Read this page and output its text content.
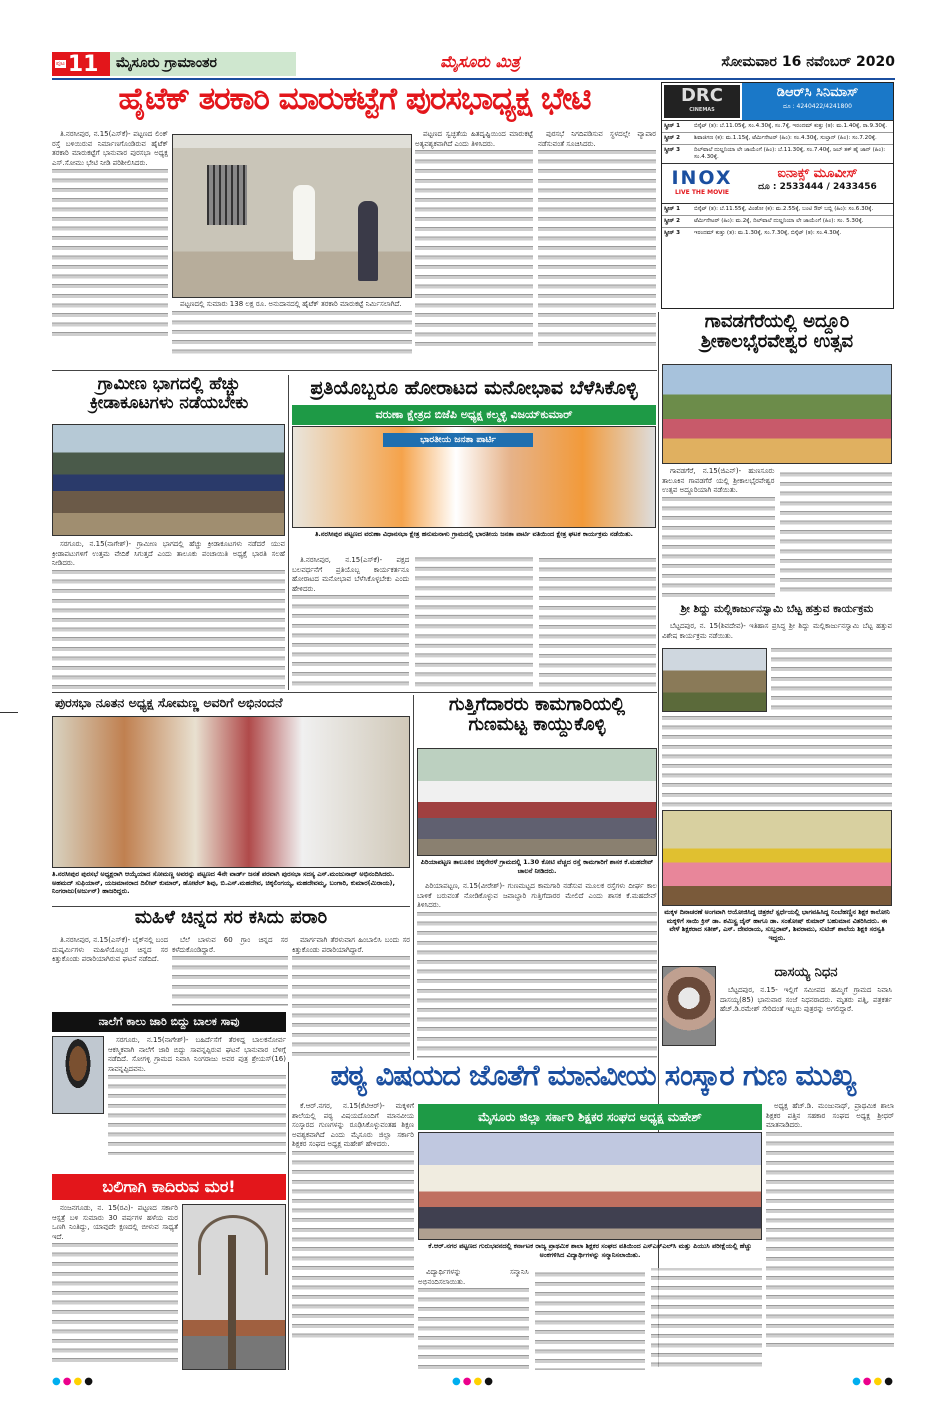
ಪುಟ 11	ಮೈಸೂರು ಗ್ರಾಮಾಂತರ	ಮೈಸೂರು ಮಿತ್ರ	ಸೋಮವಾರ 16 ನವೆಂಬರ್ 2020
ಹೈಟೆಕ್ ತರಕಾರಿ ಮಾರುಕಟ್ಟೆಗೆ ಪುರಸಭಾಧ್ಯಕ್ಷ ಭೇಟಿ

ತಿ.ನರಸೀಪುರ, ನ.15(ಎಸ್‌ಕೆ)- ಪಟ್ಟಣದ ಲಿಂಕ್ ರಸ್ತೆ ಬಳಿಯಿರುವ ನಿರ್ಮಾಣಗೊಂಡಿರುವ ಹೈಟೆಕ್ ತರಕಾರಿ ಮಾರುಕಟ್ಟೆಗೆ ಭಾನುವಾರ ಪುರಸಭಾ ಅಧ್ಯಕ್ಷ ಎಸ್.ಸೋಮು ಭೇಟಿ ನೀಡಿ ಪರಿಶೀಲಿಸಿದರು.

ಪಟ್ಟಣದಲ್ಲಿ ಸುಮಾರು 138 ಲಕ್ಷ ರೂ. ಅನುದಾನದಲ್ಲಿ ಹೈಟೆಕ್ ತರಕಾರಿ ಮಾರುಕಟ್ಟೆ ನಿರ್ಮಿಸಲಾಗಿದೆ.

ಪಟ್ಟಣದ ಸ್ವಚ್ಛತೆಯ ಹಿತದೃಷ್ಟಿಯಿಂದ ಮಾರುಕಟ್ಟೆ ಅತ್ಯವಶ್ಯಕವಾಗಿದೆ ಎಂದು ತಿಳಿಸಿದರು.

ಪುರಸಭೆ ನಿಗದಿಪಡಿಸುವ ಸ್ಥಳದಲ್ಲೇ ವ್ಯಾಪಾರ ನಡೆಸುವಂತೆ ಸೂಚಿಸಿದರು.

DRC
CINEMAS
ಡಿಆರ್‌ಸಿ ಸಿನಿಮಾಸ್
ದೂ : 4240422/4241800
ಸ್ಕ್ರೀನ್ 1	ಬಿಸ್ಕೆಟ್ (ತ): ಬೆ.11.05ಕ್ಕೆ, ಸಂ.4.30ಕ್ಕೆ, ಸಂ.7ಕ್ಕೆ, ಇರಂದಮ್ ಕುತ್ತು (ತ): ಮ.1.40ಕ್ಕೆ, ರಾ.9.30ಕ್ಕೆ.
ಸ್ಕ್ರೀನ್ 2	ಶಿವಾಜಿಗಣ (ಕ): ಮ.1.15ಕ್ಕೆ, ಟೆರ್ಮಿನೇಟರ್ (ಹಿಂ): ಸಂ.4.30ಕ್ಕೆ, ಸುಲ್ತಾನ್ (ಹಿಂ): ಸಂ.7.20ಕ್ಕೆ.
ಸ್ಕ್ರೀನ್ 3	ದಿಲ್‌ವಾಲೆ ದುಲ್ಹನಿಯಾ ಲೇ ಜಾಯೆಂಗೆ (ಹಿಂ): ಬೆ.11.30ಕ್ಕೆ, ಸಂ.7.40ಕ್ಕೆ, ಜಬ್ ತಕ್ ಹೈ ಜಾನ್ (ಹಿಂ): ಸಂ.4.30ಕ್ಕೆ.
INOX
LIVE THE MOVIE
ಐನಾಕ್ಸ್ ಮೂವೀಸ್
ದೂ : 2533444 / 2433456
ಸ್ಕ್ರೀನ್ 1	ಬಿಸ್ಕೆಟ್ (ತ): ಬೆ.11.55ಕ್ಕೆ, ವಿಂಡೋ (ಕ): ಮ.2.55ಕ್ಕೆ, ಬಂಟಿ ಔರ್ ಬಬ್ಲಿ (ಹಿಂ): ಸಂ.6.30ಕ್ಕೆ.
ಸ್ಕ್ರೀನ್ 2	ಟೆರ್ಮಿನೇಟರ್ (ಹಿಂ): ಮ.2ಕ್ಕೆ, ದಿಲ್‌ವಾಲೆ ದುಲ್ಹನಿಯಾ ಲೇ ಜಾಯೆಂಗೆ (ಹಿಂ): ಸಂ. 5.30ಕ್ಕೆ.
ಸ್ಕ್ರೀನ್ 3	ಇರಂದಮ್ ಕುತ್ತು (ತ): ಮ.1.30ಕ್ಕೆ, ಸಂ.7.30ಕ್ಕೆ, ಬಿಸ್ಕೆಟ್ (ತ): ಸಂ.4.30ಕ್ಕೆ.
ಗ್ರಾಮೀಣ ಭಾಗದಲ್ಲಿ ಹೆಚ್ಚು ಕ್ರೀಡಾಕೂಟಗಳು ನಡೆಯಬೇಕು

ಸರಗೂರು, ನ.15(ನಾಗೇಶ್)- ಗ್ರಾಮೀಣ ಭಾಗದಲ್ಲಿ ಹೆಚ್ಚು ಕ್ರೀಡಾಕೂಟಗಳು ನಡೆದರೆ ಯುವ ಕ್ರೀಡಾಪಟುಗಳಿಗೆ ಉತ್ತಮ ವೇದಿಕೆ ಸಿಗುತ್ತದೆ ಎಂದು ತಾಲೂಕು ಪಂಚಾಯಿತಿ ಅಧ್ಯಕ್ಷೆ ಭಾರತಿ ಸಲಹೆ ನೀಡಿದರು.

ಪ್ರತಿಯೊಬ್ಬರೂ ಹೋರಾಟದ ಮನೋಭಾವ ಬೆಳೆಸಿಕೊಳ್ಳಿ
ವರುಣಾ ಕ್ಷೇತ್ರದ ಬಿಜೆಪಿ ಅಧ್ಯಕ್ಷ ಕಲ್ಮಳ್ಳಿ ವಿಜಯ್‌ಕುಮಾರ್
ಭಾರತೀಯ ಜನತಾ ಪಾರ್ಟಿ
ತಿ.ನರಸೀಪುರ ಪಟ್ಟಣದ ವರುಣಾ ವಿಧಾನಸಭಾ ಕ್ಷೇತ್ರ ಹನುಮನಾಳು ಗ್ರಾಮದಲ್ಲಿ ಭಾರತೀಯ ಜನತಾ ಪಾರ್ಟಿ ವತಿಯಿಂದ ಕ್ಷೇತ್ರ ಘಟಕ ಕಾರ್ಯಕ್ರಮ ನಡೆಯಿತು.

ತಿ.ನರಸೀಪುರ, ನ.15(ಎಸ್‌ಕೆ)- ಪಕ್ಷದ ಬಲವರ್ಧನೆಗೆ ಪ್ರತಿಯೊಬ್ಬ ಕಾರ್ಯಕರ್ತನೂ ಹೋರಾಟದ ಮನೋಭಾವ ಬೆಳೆಸಿಕೊಳ್ಳಬೇಕು ಎಂದು ಹೇಳಿದರು.

ಗಾವಡಗೆರೆಯಲ್ಲಿ ಅದ್ದೂರಿ ಶ್ರೀಕಾಲಭೈರವೇಶ್ವರ ಉತ್ಸವ

ಗಾವಡಗೆರೆ, ನ.15(ಜಿಎನ್)- ಹುಣಸೂರು ತಾಲೂಕಿನ ಗಾವಡಗೆರೆ ಯಲ್ಲಿ ಶ್ರೀಕಾಲಭೈರವೇಶ್ವರ ಉತ್ಸವ ಅದ್ದೂರಿಯಾಗಿ ನಡೆಯಿತು.

ಶ್ರೀ ಶಿದ್ದು ಮಲ್ಲಿಕಾರ್ಜುನಸ್ವಾಮಿ ಬೆಟ್ಟ ಹತ್ತುವ ಕಾರ್ಯಕ್ರಮ

ಬೆಟ್ಟದಪುರ, ನ. 15(ಶಿವದೇವ)- ಇತಿಹಾಸ ಪ್ರಸಿದ್ಧ ಶ್ರೀ ಶಿದ್ದು ಮಲ್ಲಿಕಾರ್ಜುನಸ್ವಾಮಿ ಬೆಟ್ಟ ಹತ್ತುವ ವಿಶೇಷ ಕಾರ್ಯಕ್ರಮ ನಡೆಯಿತು.

ಮಕ್ಕಳ ದಿನಾಚರಣೆ ಅಂಗವಾಗಿ ಆಯೋಜಿಸಿದ್ದ ಚಿತ್ರಕಲೆ ಸ್ಪರ್ಧೆಯಲ್ಲಿ ಭಾಗವಹಿಸಿದ್ದ ನಿಂಬೆಹಣ್ಣಿನ ಶಿಕ್ಷಕ ಕಾಲೋನಿ ಮಕ್ಕಳಿಗೆ ಸಾಯಿ ಕ್ರಿಸ್ ಡಾ. ಶಮಿಸ್ಟ್ರ ಜೈನ್ ಹಾಗೂ ಡಾ. ಸಂತೋಷ್ ಕುಮಾರ್ ಬಹುಮಾನ ವಿತರಿಸಿದರು. ಈ ವೇಳೆ ಶಿಕ್ಷಕರಾದ ಸತೀಶ್, ಎಸ್. ದೇವರಾಯ, ಸುಬ್ಬರಾವ್, ಶಿವರಾಮು, ಸುಟಿಜ್ ಶಾಲೆಯ ಶಿಕ್ಷಕಿ ಸರಸ್ವತಿ ಇದ್ದರು.
ದಾಸಯ್ಯ ನಿಧನ

ಬೆಟ್ಟದಪುರ, ನ.15- ಇಲ್ಲಿಗೆ ಸಮೀಪದ ಹಮ್ಮಿಗೆ ಗ್ರಾಮದ ನಿವಾಸಿ ದಾಸಯ್ಯ(85) ಭಾನುವಾರ ಸಂಜೆ ನಿಧನರಾದರು. ಮೃತರು ಪತ್ನಿ, ಪತ್ರಕರ್ತ ಹೆಚ್.ಡಿ.ರಮೇಶ್ ಸೇರಿದಂತೆ ಇಬ್ಬರು ಪುತ್ರರನ್ನು ಅಗಲಿದ್ದಾರೆ.

ಪುರಸಭಾ ನೂತನ ಅಧ್ಯಕ್ಷ ಸೋಮಣ್ಣ ಅವರಿಗೆ ಅಭಿನಂದನೆ
ತಿ.ನರಸೀಪುರ ಪುರಸಭೆ ಅಧ್ಯಕ್ಷರಾಗಿ ಆಯ್ಕೆಯಾದ ಸೋಮಣ್ಣ ಅವರನ್ನು ಪಟ್ಟಣದ 4ನೇ ವಾರ್ಡ್ ಜನತೆ ಪರವಾಗಿ ಪುರಸಭಾ ಸದಸ್ಯ ಎಸ್.ಮಂಜುನಾಥ್ ಅಭಿನಂದಿಸಿದರು. ಅಹಮದ್ ಸುಫಿಯಾನ್, ಯಜಮಾನರಾದ ದಿಲೀಪ್ ಕುಮಾರ್, ಹೋಟೆಲ್ ಶಿವು, ಬಿ.ಎಸ್.ಮಹದೇವ, ಚಿಕ್ಕಲಿಂಗಯ್ಯ, ಮಹದೇವಮ್ಮ, ಬಂಗಾರಿ, ಕುಮಾರ(ಮಿರಾಯ), ನಿಂಗರಾಜು(ಅರ್ಜುನ್) ಹಾಜರಿದ್ದರು.
ಗುತ್ತಿಗೆದಾರರು ಕಾಮಗಾರಿಯಲ್ಲಿ ಗುಣಮಟ್ಟ ಕಾಯ್ದುಕೊಳ್ಳಿ
ಪಿರಿಯಾಪಟ್ಟಣ ತಾಲೂಕಿನ ಚಿಕ್ಕನೇರಳೆ ಗ್ರಾಮದಲ್ಲಿ 1.30 ಕೋಟಿ ವೆಚ್ಚದ ರಸ್ತೆ ಕಾಮಗಾರಿಗೆ ಶಾಸಕ ಕೆ.ಮಹದೇವ್ ಚಾಲನೆ ನೀಡಿದರು.

ಪಿರಿಯಾಪಟ್ಟಣ, ನ.15(ವೀರೇಶ್)- ಗುಣಮಟ್ಟದ ಕಾಮಗಾರಿ ನಡೆಸುವ ಮೂಲಕ ರಸ್ತೆಗಳು ದೀರ್ಘ ಕಾಲ ಬಾಳಿಕೆ ಬರುವಂತೆ ನೋಡಿಕೊಳ್ಳುವ ಜವಾಬ್ದಾರಿ ಗುತ್ತಿಗೆದಾರರ ಮೇಲಿದೆ ಎಂದು ಶಾಸಕ ಕೆ.ಮಹದೇವ್ ತಿಳಿಸಿದರು.

ಮಹಿಳೆ ಚಿನ್ನದ ಸರ ಕಸಿದು ಪರಾರಿ

ತಿ.ನರಸೀಪುರ, ನ.15(ಎಸ್‌ಕೆ)- ಬೈಕ್‌ನಲ್ಲಿ ಬಂದ ದುಷ್ಕರ್ಮಿಗಳು ಮಹಿಳೆಯೊಬ್ಬರ ಚಿನ್ನದ ಸರ ಕಿತ್ತುಕೊಂಡು ಪರಾರಿಯಾಗಿರುವ ಘಟನೆ ನಡೆದಿದೆ.

ಬೆಲೆ ಬಾಳುವ 60 ಗ್ರಾಂ ಚಿನ್ನದ ಸರ ಕಳೆದುಕೊಂಡಿದ್ದಾರೆ.

ಮಾರ್ಗವಾಗಿ ತೆರಳುವಾಗ ಹಿಂಬಾಲಿಸಿ ಬಂದು ಸರ ಕಿತ್ತುಕೊಂಡು ಪರಾರಿಯಾಗಿದ್ದಾರೆ.

ನಾಲೆಗೆ ಕಾಲು ಜಾರಿ ಬಿದ್ದು ಬಾಲಕ ಸಾವು

ಸರಗೂರು, ನ.15(ನಾಗೇಶ್)- ಬಹಿರ್ದೆಸೆಗೆ ತೆರಳಿದ್ದ ಬಾಲಕನೋರ್ವ ಆಕಸ್ಮಿಕವಾಗಿ ನಾಲೆಗೆ ಜಾರಿ ಬಿದ್ದು ಸಾವನ್ನಪ್ಪಿರುವ ಘಟನೆ ಭಾನುವಾರ ಬೆಳಿಗ್ಗೆ ನಡೆದಿದೆ. ಸೋಗಳ್ಳಿ ಗ್ರಾಮದ ನಿವಾಸಿ ನಿಂಗರಾಜು ಅವರ ಪುತ್ರ ಶ್ರೇಯಸ್(16) ಸಾವನ್ನಪ್ಪಿದವನು.

ಬಲಿಗಾಗಿ ಕಾದಿರುವ ಮರ!

ನಂಜನಗೂಡು, ನ. 15(ರವಿ)- ಪಟ್ಟಣದ ಸರ್ಕಾರಿ ಆಸ್ಪತ್ರೆ ಬಳಿ ಸುಮಾರು 30 ವರ್ಷಗಳ ಹಳೆಯ ಮರ ಒಣಗಿ ನಿಂತಿದ್ದು, ಯಾವುದೇ ಕ್ಷಣದಲ್ಲಿ ಬೀಳುವ ಸಾಧ್ಯತೆ ಇದೆ.

ಪಠ್ಯ ವಿಷಯದ ಜೊತೆಗೆ ಮಾನವೀಯ ಸಂಸ್ಕಾರ ಗುಣ ಮುಖ್ಯ

ಕೆ.ಆರ್.ನಗರ, ನ.15(ಕೆಟಿಆರ್)- ಮಕ್ಕಳಿಗೆ ಶಾಲೆಯಲ್ಲಿ ಪಠ್ಯ ವಿಷಯದೊಂದಿಗೆ ಮಾನವೀಯ ಸಂಸ್ಕಾರದ ಗುಣಗಳನ್ನು ರೂಢಿಸಿಕೊಳ್ಳುವಂತಹ ಶಿಕ್ಷಣ ಅವಶ್ಯಕವಾಗಿದೆ ಎಂದು ಮೈಸೂರು ಜಿಲ್ಲಾ ಸರ್ಕಾರಿ ಶಿಕ್ಷಕರ ಸಂಘದ ಅಧ್ಯಕ್ಷ ಮಹೇಶ್ ಹೇಳಿದರು.

ಮೈಸೂರು ಜಿಲ್ಲಾ ಸರ್ಕಾರಿ ಶಿಕ್ಷಕರ ಸಂಘದ ಅಧ್ಯಕ್ಷ ಮಹೇಶ್
ಕೆ.ಆರ್.ನಗರ ಪಟ್ಟಣದ ಗುರುಭವನದಲ್ಲಿ ಕರ್ನಾಟಕ ರಾಜ್ಯ ಪ್ರಾಥಮಿಕ ಶಾಲಾ ಶಿಕ್ಷಕರ ಸಂಘದ ವತಿಯಿಂದ ಎಸ್‌ಎಸ್‌ಎಲ್‌ಸಿ ಮತ್ತು ಪಿಯುಸಿ ಪರೀಕ್ಷೆಯಲ್ಲಿ ಹೆಚ್ಚು ಅಂಕಗಳಿಸಿದ ವಿದ್ಯಾರ್ಥಿಗಳನ್ನು ಸನ್ಮಾನಿಸಲಾಯಿತು.

ವಿದ್ಯಾರ್ಥಿಗಳನ್ನು ಸನ್ಮಾನಿಸಿ ಅಭಿನಂದಿಸಲಾಯಿತು.

ಅಧ್ಯಕ್ಷ ಹೆಚ್.ಡಿ. ಮಂಜುನಾಥ್, ಪ್ರಾಥಮಿಕ ಶಾಲಾ ಶಿಕ್ಷಕರ ಪತ್ತಿನ ಸಹಕಾರ ಸಂಘದ ಅಧ್ಯಕ್ಷ ಶ್ರೀಧರ್ ಮಾತನಾಡಿದರು.

●●●●	●●●●	●●●●
